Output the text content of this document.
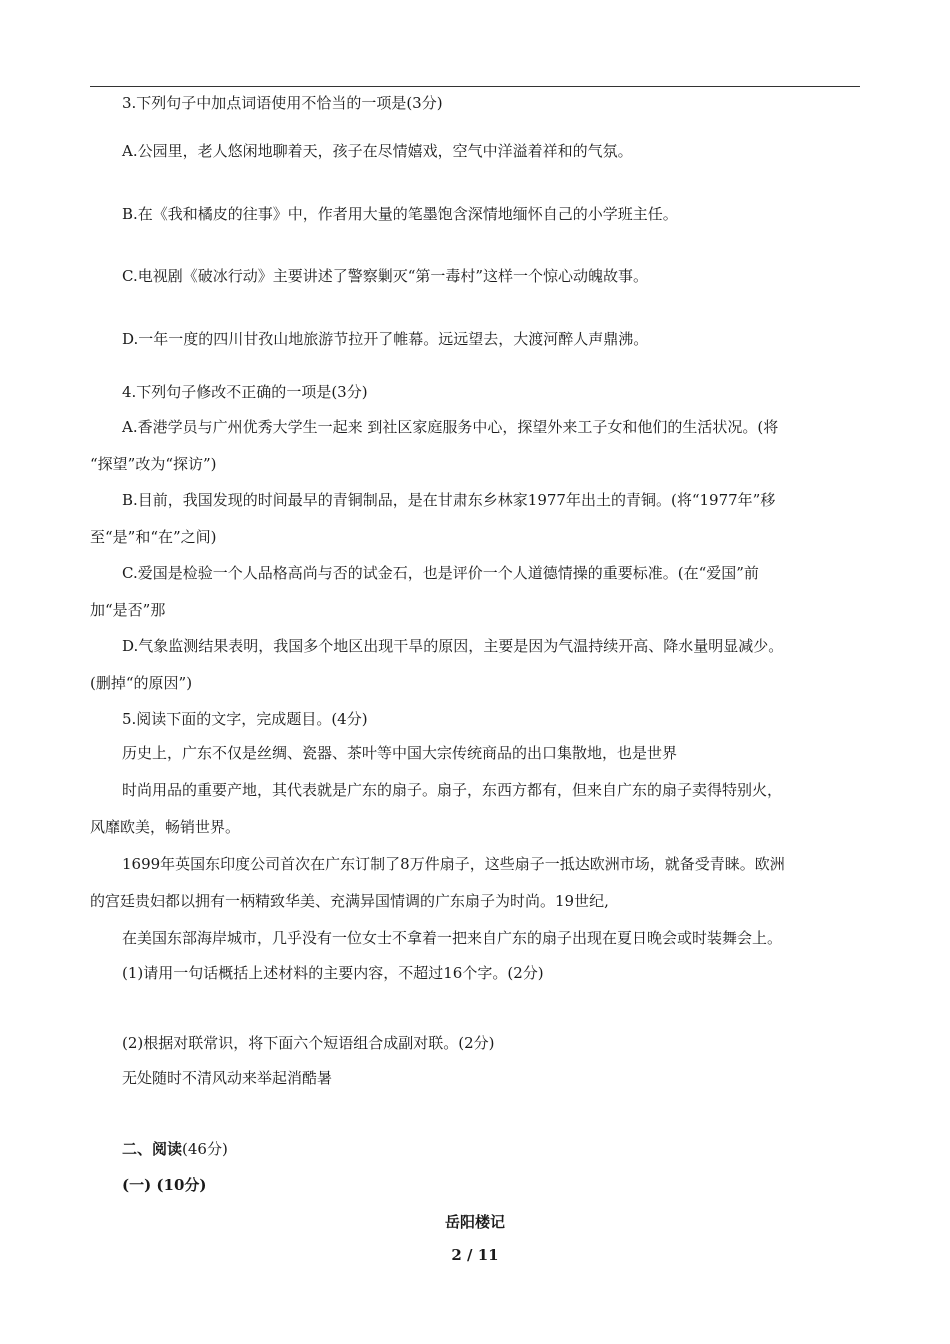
3.下列句子中加点词语使用不恰当的一项是(3分)
A.公园里，老人悠闲地聊着天，孩子在尽情嬉戏，空气中洋溢着祥和的气氛。
B.在《我和橘皮的往事》中，作者用大量的笔墨饱含深情地缅怀自己的小学班主任。
C.电视剧《破冰行动》主要讲述了警察剿灭“第一毒村”这样一个惊心动魄故事。
D.一年一度的四川甘孜山地旅游节拉开了帷幕。远远望去，大渡河醉人声鼎沸。
4.下列句子修改不正确的一项是(3分)
A.香港学员与广州优秀大学生一起来 到社区家庭服务中心，探望外来工子女和他们的生活状况。(将
“探望”改为“探访”)
B.目前，我国发现的时间最早的青铜制品，是在甘肃东乡林家1977年出土的青铜。(将“1977年”移
至“是”和“在”之间)
C.爱国是检验一个人品格高尚与否的试金石，也是评价一个人道德情操的重要标准。(在“爱国”前
加“是否”那
D.气象监测结果表明，我国多个地区出现干旱的原因，主要是因为气温持续开高、降水量明显减少。
(删掉“的原因”)
5.阅读下面的文字，完成题目。(4分)
历史上，广东不仅是丝绸、瓷器、茶叶等中国大宗传统商品的出口集散地，也是世界
时尚用品的重要产地，其代表就是广东的扇子。扇子，东西方都有，但来自广东的扇子卖得特别火，
风靡欧美，畅销世界。
1699年英国东印度公司首次在广东订制了8万件扇子，这些扇子一抵达欧洲市场，就备受青睐。欧洲
的宫廷贵妇都以拥有一柄精致华美、充满异国情调的广东扇子为时尚。19世纪,
在美国东部海岸城市，几乎没有一位女士不拿着一把来自广东的扇子出现在夏日晚会或时装舞会上。
(1)请用一句话概括上述材料的主要内容，不超过16个字。(2分)
(2)根据对联常识，将下面六个短语组合成副对联。(2分)
无处随时不清风动来举起消酷暑
二、阅读(46分)
(一) (10分)
岳阳楼记
2 / 11
